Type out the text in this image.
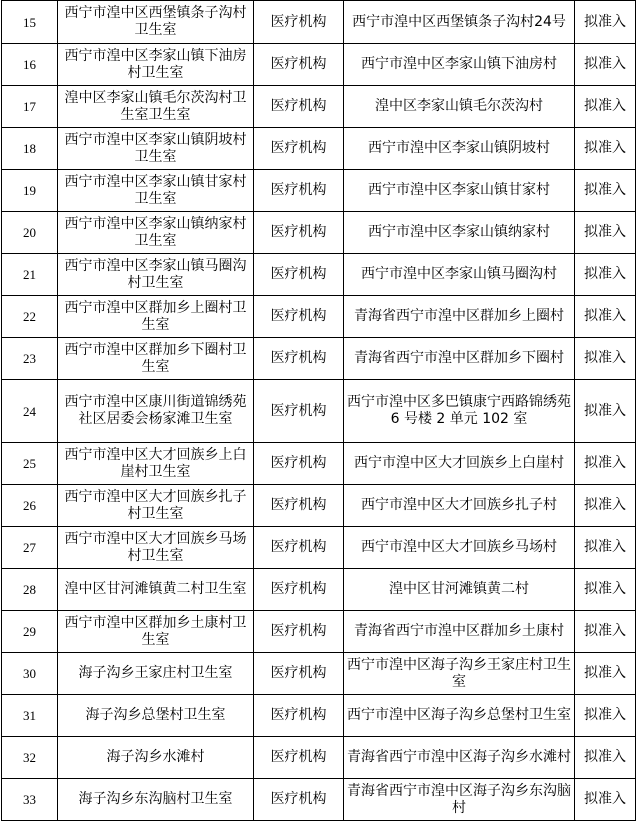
15	西宁市湟中区西堡镇条子沟村卫生室	医疗机构	西宁市湟中区西堡镇条子沟村24号	拟准入
16	西宁市湟中区李家山镇下油房村卫生室	医疗机构	西宁市湟中区李家山镇下油房村	拟准入
17	湟中区李家山镇毛尔茨沟村卫生室卫生室	医疗机构	湟中区李家山镇毛尔茨沟村	拟准入
18	西宁市湟中区李家山镇阴坡村卫生室	医疗机构	西宁市湟中区李家山镇阴坡村	拟准入
19	西宁市湟中区李家山镇甘家村卫生室	医疗机构	西宁市湟中区李家山镇甘家村	拟准入
20	西宁市湟中区李家山镇纳家村卫生室	医疗机构	西宁市湟中区李家山镇纳家村	拟准入
21	西宁市湟中区李家山镇马圈沟村卫生室	医疗机构	西宁市湟中区李家山镇马圈沟村	拟准入
22	西宁市湟中区群加乡上圈村卫生室	医疗机构	青海省西宁市湟中区群加乡上圈村	拟准入
23	西宁市湟中区群加乡下圈村卫生室	医疗机构	青海省西宁市湟中区群加乡下圈村	拟准入
24	西宁市湟中区康川街道锦绣苑社区居委会杨家滩卫生室	医疗机构	西宁市湟中区多巴镇康宁西路锦绣苑 6 号楼 2 单元 102 室	拟准入
25	西宁市湟中区大才回族乡上白崖村卫生室	医疗机构	西宁市湟中区大才回族乡上白崖村	拟准入
26	西宁市湟中区大才回族乡扎子村卫生室	医疗机构	西宁市湟中区大才回族乡扎子村	拟准入
27	西宁市湟中区大才回族乡马场村卫生室	医疗机构	西宁市湟中区大才回族乡马场村	拟准入
28	湟中区甘河滩镇黄二村卫生室	医疗机构	湟中区甘河滩镇黄二村	拟准入
29	西宁市湟中区群加乡土康村卫生室	医疗机构	青海省西宁市湟中区群加乡土康村	拟准入
30	海子沟乡王家庄村卫生室	医疗机构	西宁市湟中区海子沟乡王家庄村卫生室	拟准入
31	海子沟乡总堡村卫生室	医疗机构	西宁市湟中区海子沟乡总堡村卫生室	拟准入
32	海子沟乡水滩村	医疗机构	青海省西宁市湟中区海子沟乡水滩村	拟准入
33	海子沟乡东沟脑村卫生室	医疗机构	青海省西宁市湟中区海子沟乡东沟脑村	拟准入
